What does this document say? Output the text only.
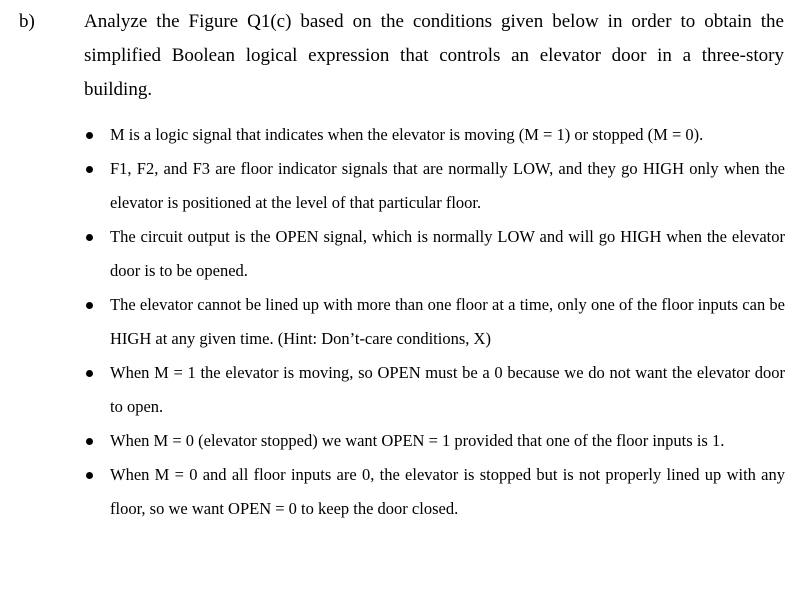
b)	Analyze the Figure Q1(c) based on the conditions given below in order to obtain the simplified Boolean logical expression that controls an elevator door in a three-story building.
M is a logic signal that indicates when the elevator is moving (M = 1) or stopped (M = 0).
F1, F2, and F3 are floor indicator signals that are normally LOW, and they go HIGH only when the elevator is positioned at the level of that particular floor.
The circuit output is the OPEN signal, which is normally LOW and will go HIGH when the elevator door is to be opened.
The elevator cannot be lined up with more than one floor at a time, only one of the floor inputs can be HIGH at any given time. (Hint: Don’t-care conditions, X)
When M = 1 the elevator is moving, so OPEN must be a 0 because we do not want the elevator door to open.
When M = 0 (elevator stopped) we want OPEN = 1 provided that one of the floor inputs is 1.
When M = 0 and all floor inputs are 0, the elevator is stopped but is not properly lined up with any floor, so we want OPEN = 0 to keep the door closed.
